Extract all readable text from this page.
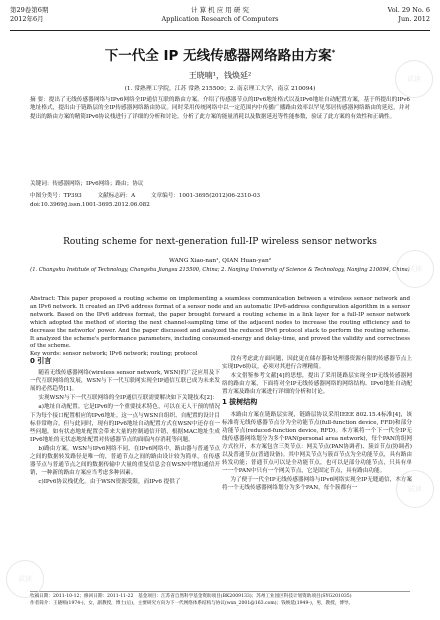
第29卷第6期
2012年6月
计 算 机 应 用 研 究
Application Research of Computers
Vol. 29 No. 6
Jun. 2012
下一代全 IP 无线传感器网络路由方案*
王晓喃¹，钱焕延²
(1. 常熟理工学院，江苏 常熟 215500；2. 南京理工大学，南京 210094)
摘 要：提出了无线传感器网络与IPv6网络全IP通信互联的路由方案。介绍了传感器节点的IPv6地址格式以及IPv6地址自动配置方案，基于所提出的IPv6地址格式，提出由于链路层的全IP传感器网络路由协议。同时采用传统网络中以一定范围内中传播广播路由效率以罕见邻居传感器网络路由的延迟，并对提出的路由方案的精简IPv6协议栈进行了详细的分析和讨论。分析了此方案的能量消耗以及数据延迟等性能参数，验证了此方案的有效性和正确性。
关键词：传感器网络；IPv6网络；路由；协议
中图分类号：TP393	文献标志码：A	文章编号：1001-3695(2012)06-2310-03
doi:10.3969/j.issn.1001-3695.2012.06.082
Routing scheme for next-generation full-IP wireless sensor networks
WANG Xiao-nan¹, QIAN Huan-yan²
(1. Changshu Institute of Technology, Changshu Jiangsu 215500, China; 2. Nanjing University of Science & Technology, Nanjing 210094, China)
Abstract: This paper proposed a routing scheme on implementing a seamless communication between a wireless sensor network and an IPv6 network. It created an IPv6 address format of a sensor node and an automatic IPv6-address configuration algorithm in a sensor network. Based on the IPv6 address format, the paper brought forward a routing scheme in a link layer for a full-IP sensor network which adopted the method of storing the next channel-sampling time of the adjacent nodes to increase the routing efficiency and to decrease the networks' power. And the paper discussed and analyzed the reduced IPv6 protocol stack to perform the routing scheme. It analyzed the scheme's performance parameters, including consumed-energy and delay-time, and proved the validity and correctness of the scheme.
Key words: sensor network; IPv6 network; routing; protocol
0 引言

随着无线传感器网络(wireless sensor network, WSN)的广泛应用及下一代互联网络的发展，WSN与下一代互联网实现全IP通信互联已成为未来发展的必然趋势[1]。

实现WSN与下一代互联网络的全IP通信互联需要解决如下关键技术[2]：

a)地址自动配置。它是IPv6的一个重要技术特色，可以在无人干预的情况下为每个接口配置相应的IPv6地址。这一点与WSN自组织、自配置的设计目标非常吻合。但与此同时，现有的IPv6地址自动配置方式在WSN中还存在一些问题，如有状态地址配置会带来大量的控制通信开销，根据MAC地址生成IPv6地址的无状态地址配置对传感器节点的面临内存消耗等问题。

b)路由方案。WSN与IPv6网络不同，在IPv6网络中，路由器与普通节点之间的数据转发路径是唯一的，普通节点之间的路由设计较为简单，在传感器节点与普通节点之间的数据传输中大量的重复信息会在WSN中增加通信开销，一种新的路由方案应当考虑多种因素。

c)IPv6协议栈优化。由于WSN资源受限，而IPv6 提供了

没有考虑此方面问题，因此更在储存器和处理器资源有限的传感器节点上实现IPv6协议，必须对其进行合理精简。

本文借鉴参考文献[4]的思想，提出了采用链路层实现全IP无线传感器网络的路由方案，下面将对全IP无线传感器网络的网络结构、IPv6地址自动配置方案及路由方案进行详细的分析和讨论。

1 拔树结构

本路由方案在链路层实现，链路层协议采用IEEE 802.15.4标准[4]，该标准将无线传感器节点分为全功能节点(full-function device, FFD)和部分功能节点(reduced-function device, RFD)。本方案将一个下一代全IP无线传感器网络划分为多个PAN(personal area network)，每个PAN的组网方式拉开，本方案包含三类节点：网关节点(PAN协调者)、簇首节点(协调者)以及普通节点(普通设备)。其中网关节点与簇首节点为全功能节点，具有路由转发功能；普通节点可以是全功能节点，也可以是部分功能节点，只具有单一一个PAN中只有一个网关节点，它是固定节点，具有路由功能。

为了便于一代全IP无线传感器网络与IPv6网络实现全IP无缝通信，本方案将一个无线传感器网络划分为多个PAN，每个簇都有一

收稿日期：2011-10-12；修回日期：2011-11-22　基金项目：江苏省自然科学基金资助项目(BK2009133)；苏州工业园区科技计划资助项目(SYG201035)
作者简介：王晓喃(1974-)，女，副教授，博士(后)，主要研究方向为下一代网络体系结构与协议(wxn_2001@163.com)；钱焕延(1949-)，男，教授，博导。
试读
试读
试读
试读
